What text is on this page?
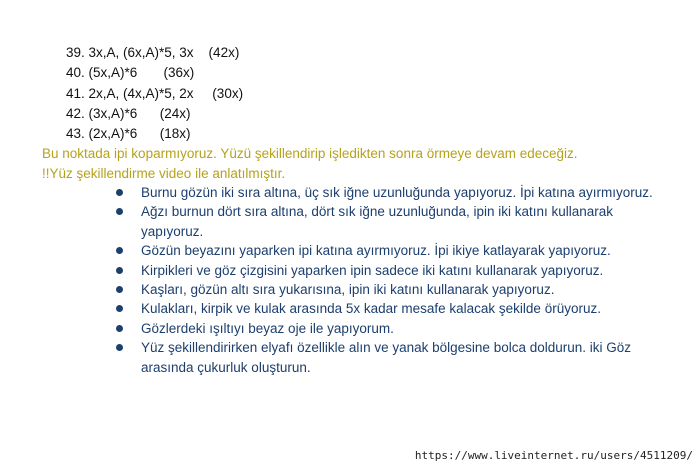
39. 3x,A, (6x,A)*5, 3x    (42x)
40. (5x,A)*6       (36x)
41. 2x,A, (4x,A)*5, 2x     (30x)
42. (3x,A)*6      (24x)
43. (2x,A)*6      (18x)
Bu noktada ipi koparmıyoruz. Yüzü şekillendirip işledikten sonra örmeye devam edeceğiz.
!!Yüz şekillendirme video ile anlatılmıştır.
Burnu gözün iki sıra altına, üç sık iğne uzunluğunda yapıyoruz. İpi katına ayırmıyoruz.
Ağzı burnun dört sıra altına, dört sık iğne uzunluğunda, ipin iki katını kullanarak yapıyoruz.
Gözün beyazını yaparken ipi katına ayırmıyoruz. İpi ikiye katlayarak yapıyoruz.
Kirpikleri ve göz çizgisini yaparken ipin sadece iki katını kullanarak yapıyoruz.
Kaşları, gözün altı sıra yukarısına, ipin iki katını kullanarak yapıyoruz.
Kulakları, kirpik ve kulak arasında 5x kadar mesafe kalacak şekilde örüyoruz.
Gözlerdeki ışıltıyı beyaz oje ile yapıyorum.
Yüz şekillendirirken elyafı özellikle alın ve yanak bölgesine bolca doldurun. iki Göz arasında çukurluk oluşturun.
https://www.liveinternet.ru/users/4511209/
